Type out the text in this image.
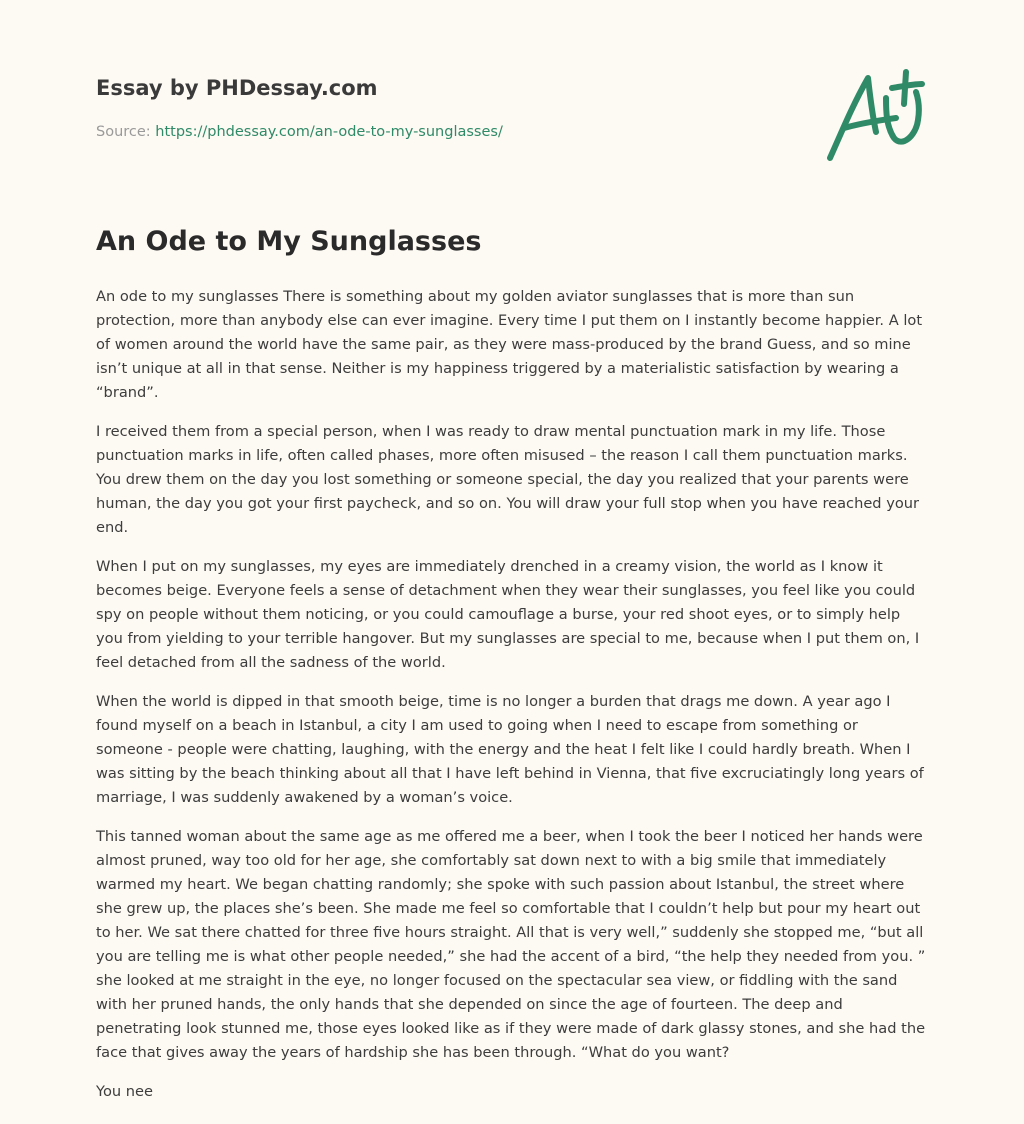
Essay by PHDessay.com
Source: https://phdessay.com/an-ode-to-my-sunglasses/
An Ode to My Sunglasses

An ode to my sunglasses There is something about my golden aviator sunglasses that is more than sun protection, more than anybody else can ever imagine. Every time I put them on I instantly become happier. A lot of women around the world have the same pair, as they were mass-produced by the brand Guess, and so mine isn’t unique at all in that sense. Neither is my happiness triggered by a materialistic satisfaction by wearing a “brand”.

I received them from a special person, when I was ready to draw mental punctuation mark in my life. Those punctuation marks in life, often called phases, more often misused – the reason I call them punctuation marks. You drew them on the day you lost something or someone special, the day you realized that your parents were human, the day you got your first paycheck, and so on. You will draw your full stop when you have reached your end.

When I put on my sunglasses, my eyes are immediately drenched in a creamy vision, the world as I know it becomes beige. Everyone feels a sense of detachment when they wear their sunglasses, you feel like you could spy on people without them noticing, or you could camouflage a burse, your red shoot eyes, or to simply help you from yielding to your terrible hangover. But my sunglasses are special to me, because when I put them on, I feel detached from all the sadness of the world.

When the world is dipped in that smooth beige, time is no longer a burden that drags me down. A year ago I found myself on a beach in Istanbul, a city I am used to going when I need to escape from something or someone - people were chatting, laughing, with the energy and the heat I felt like I could hardly breath. When I was sitting by the beach thinking about all that I have left behind in Vienna, that five excruciatingly long years of marriage, I was suddenly awakened by a woman’s voice.

This tanned woman about the same age as me offered me a beer, when I took the beer I noticed her hands were almost pruned, way too old for her age, she comfortably sat down next to with a big smile that immediately warmed my heart. We began chatting randomly; she spoke with such passion about Istanbul, the street where she grew up, the places she’s been. She made me feel so comfortable that I couldn’t help but pour my heart out to her. We sat there chatted for three five hours straight. All that is very well,” suddenly she stopped me, “but all you are telling me is what other people needed,” she had the accent of a bird, “the help they needed from you. ” she looked at me straight in the eye, no longer focused on the spectacular sea view, or fiddling with the sand with her pruned hands, the only hands that she depended on since the age of fourteen. The deep and penetrating look stunned me, those eyes looked like as if they were made of dark glassy stones, and she had the face that gives away the years of hardship she has been through. “What do you want?

You nee
